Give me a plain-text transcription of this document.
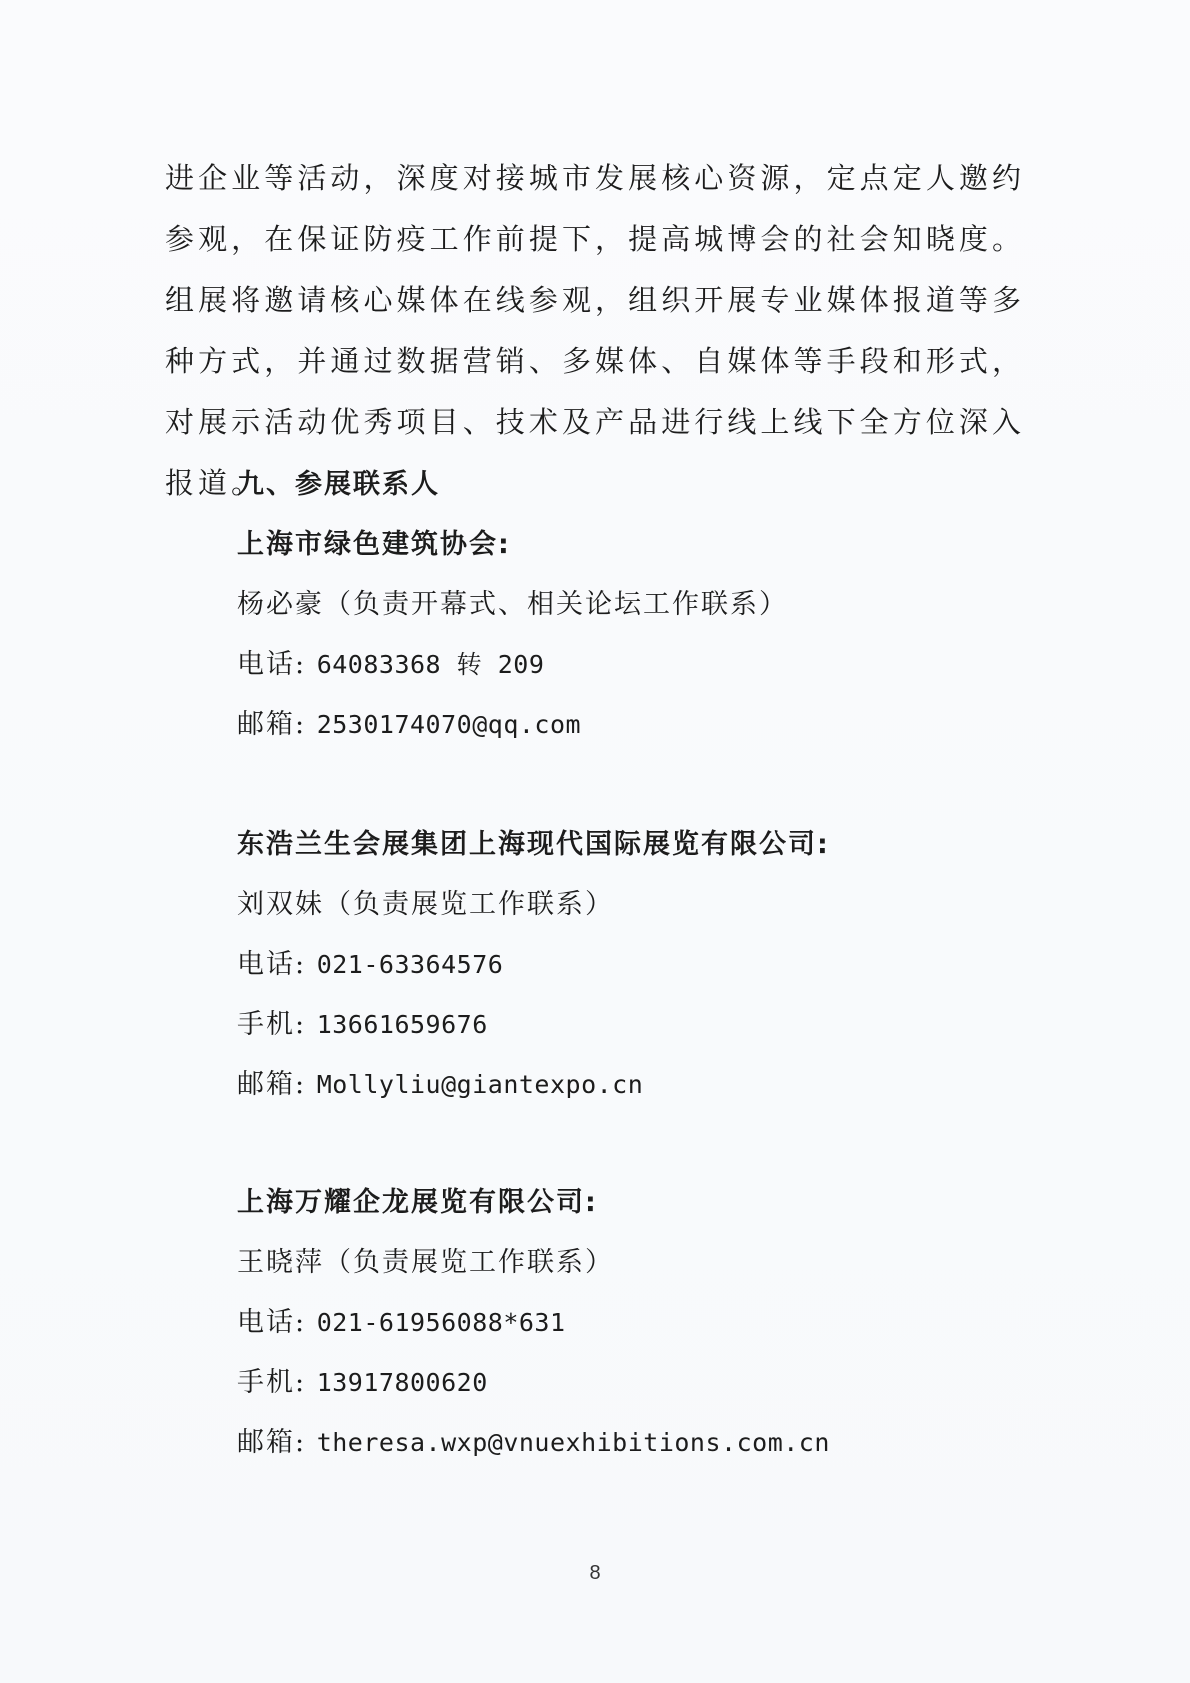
进企业等活动，深度对接城市发展核心资源，定点定人邀约参观，在保证防疫工作前提下，提高城博会的社会知晓度。组展将邀请核心媒体在线参观，组织开展专业媒体报道等多种方式，并通过数据营销、多媒体、自媒体等手段和形式，对展示活动优秀项目、技术及产品进行线上线下全方位深入报道。
九、参展联系人
上海市绿色建筑协会:
杨必豪（负责开幕式、相关论坛工作联系）
电话: 64083368 转 209
邮箱: 2530174070@qq.com
东浩兰生会展集团上海现代国际展览有限公司:
刘双妹（负责展览工作联系）
电话: 021-63364576
手机: 13661659676
邮箱: Mollyliu@giantexpo.cn
上海万耀企龙展览有限公司:
王晓萍（负责展览工作联系）
电话: 021-61956088*631
手机: 13917800620
邮箱: theresa.wxp@vnuexhibitions.com.cn
8
